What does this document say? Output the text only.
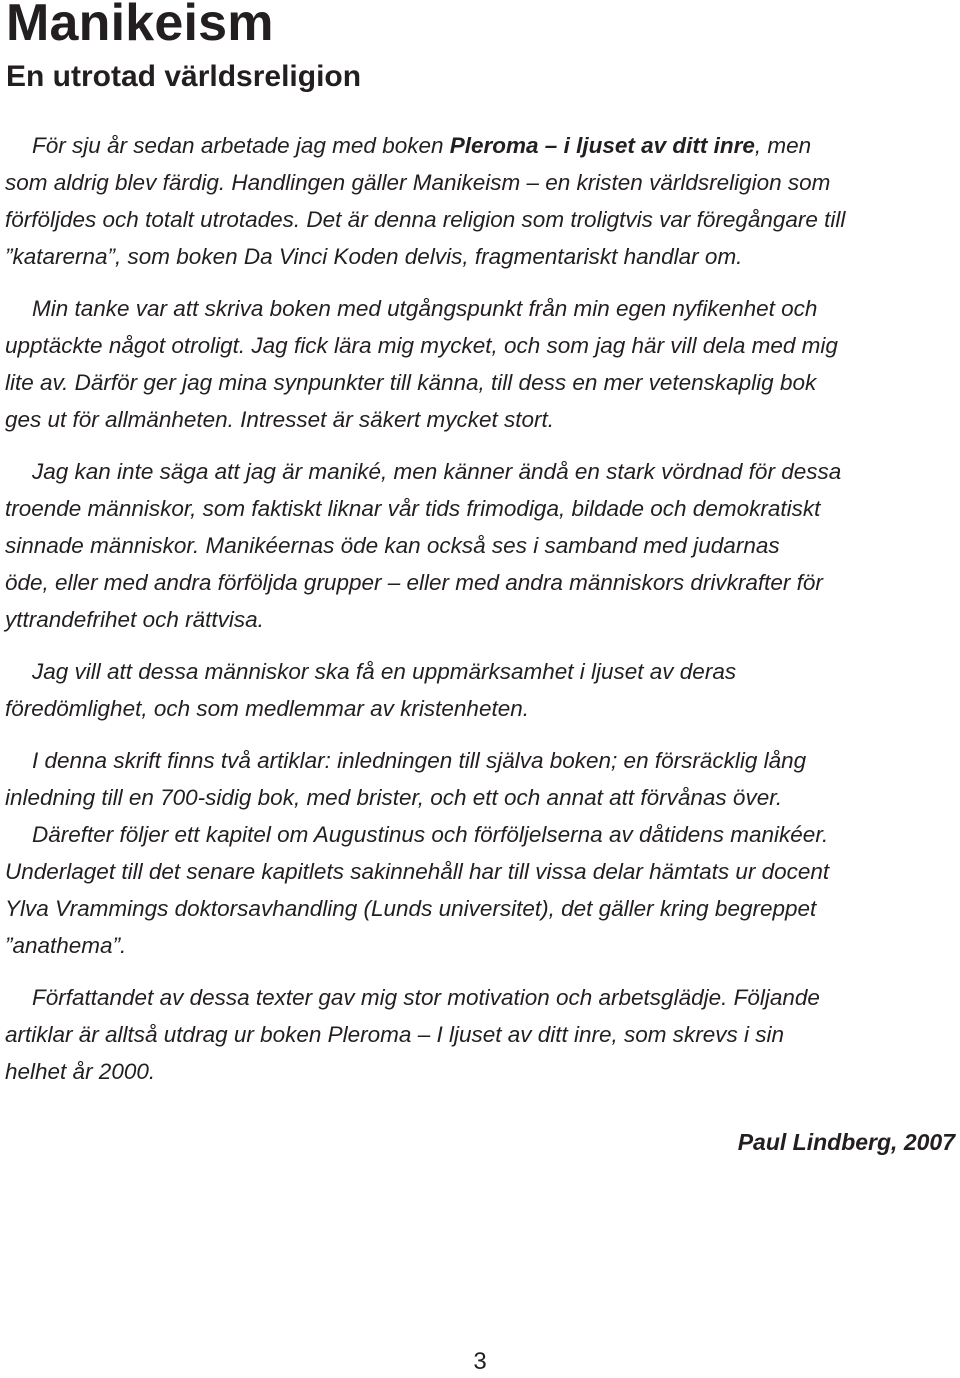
Manikeism
En utrotad världsreligion

För sju år sedan arbetade jag med boken Pleroma – i ljuset av ditt inre, men
som aldrig blev färdig. Handlingen gäller Manikeism – en kristen världsreligion som
förföljdes och totalt utrotades. Det är denna religion som troligtvis var föregångare till
”katarerna”, som boken Da Vinci Koden delvis, fragmentariskt handlar om.

Min tanke var att skriva boken med utgångspunkt från min egen nyfikenhet och
upptäckte något otroligt. Jag fick lära mig mycket, och som jag här vill dela med mig
lite av. Därför ger jag mina synpunkter till känna, till dess en mer vetenskaplig bok
ges ut för allmänheten. Intresset är säkert mycket stort.

Jag kan inte säga att jag är maniké, men känner ändå en stark vördnad för dessa
troende människor, som faktiskt liknar vår tids frimodiga, bildade och demokratiskt
sinnade människor. Manikéernas öde kan också ses i samband med judarnas
öde, eller med andra förföljda grupper – eller med andra människors drivkrafter för
yttrandefrihet och rättvisa.

Jag vill att dessa människor ska få en uppmärksamhet i ljuset av deras
föredömlighet, och som medlemmar av kristenheten.

I denna skrift finns två artiklar: inledningen till själva boken; en försräcklig lång
inledning till en 700-sidig bok, med brister, och ett och annat att förvånas över.

Därefter följer ett kapitel om Augustinus och förföljelserna av dåtidens manikéer.
Underlaget till det senare kapitlets sakinnehåll har till vissa delar hämtats ur docent
Ylva Vrammings doktorsavhandling (Lunds universitet), det gäller kring begreppet
”anathema”.

Författandet av dessa texter gav mig stor motivation och arbetsglädje. Följande
artiklar är alltså utdrag ur boken Pleroma – I ljuset av ditt inre, som skrevs i sin
helhet år 2000.

Paul Lindberg, 2007

3
